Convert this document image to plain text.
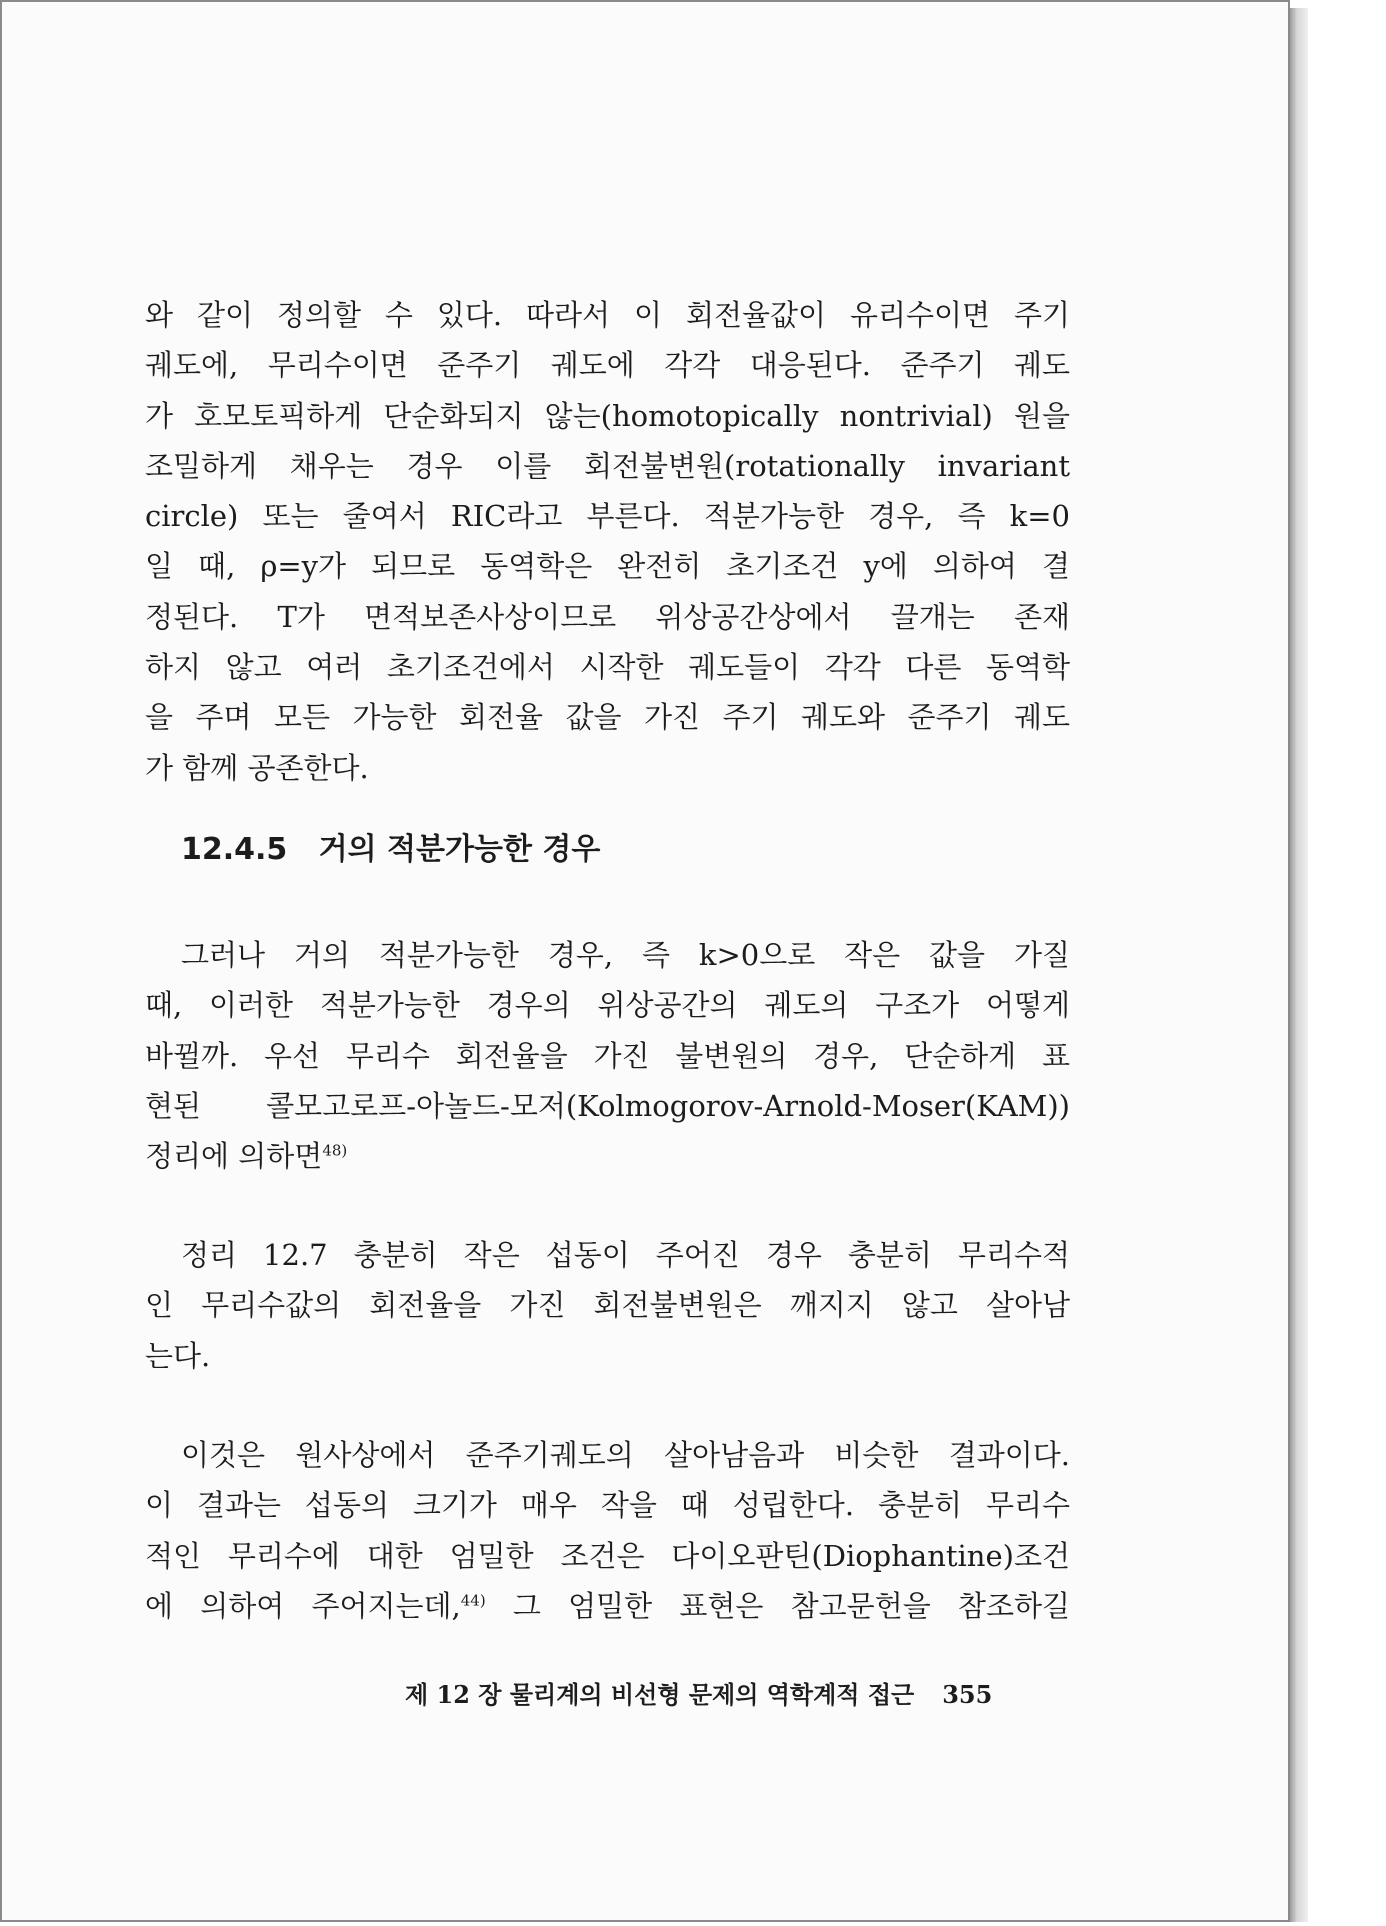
와 같이 정의할 수 있다. 따라서 이 회전율값이 유리수이면 주기
궤도에, 무리수이면 준주기 궤도에 각각 대응된다. 준주기 궤도
가 호모토픽하게 단순화되지 않는(homotopically nontrivial) 원을
조밀하게 채우는 경우 이를 회전불변원(rotationally invariant
circle) 또는 줄여서 RIC라고 부른다. 적분가능한 경우, 즉 k=0
일 때, ρ=y가 되므로 동역학은 완전히 초기조건 y에 의하여 결
정된다. T가 면적보존사상이므로 위상공간상에서 끌개는 존재
하지 않고 여러 초기조건에서 시작한 궤도들이 각각 다른 동역학
을 주며 모든 가능한 회전율 값을 가진 주기 궤도와 준주기 궤도
가 함께 공존한다.
12.4.5 거의 적분가능한 경우
그러나 거의 적분가능한 경우, 즉 k>0으로 작은 값을 가질
때, 이러한 적분가능한 경우의 위상공간의 궤도의 구조가 어떻게
바뀔까. 우선 무리수 회전율을 가진 불변원의 경우, 단순하게 표
현된 콜모고로프-아놀드-모저(Kolmogorov-Arnold-Moser(KAM))
정리에 의하면$^{48)}$
정리 12.7 충분히 작은 섭동이 주어진 경우 충분히 무리수적
인 무리수값의 회전율을 가진 회전불변원은 깨지지 않고 살아남
는다.
이것은 원사상에서 준주기궤도의 살아남음과 비슷한 결과이다.
이 결과는 섭동의 크기가 매우 작을 때 성립한다. 충분히 무리수
적인 무리수에 대한 엄밀한 조건은 다이오판틴(Diophantine)조건
에 의하여 주어지는데,$^{44)}$ 그 엄밀한 표현은 참고문헌을 참조하길
제 12 장 물리계의 비선형 문제의 역학계적 접근 355
